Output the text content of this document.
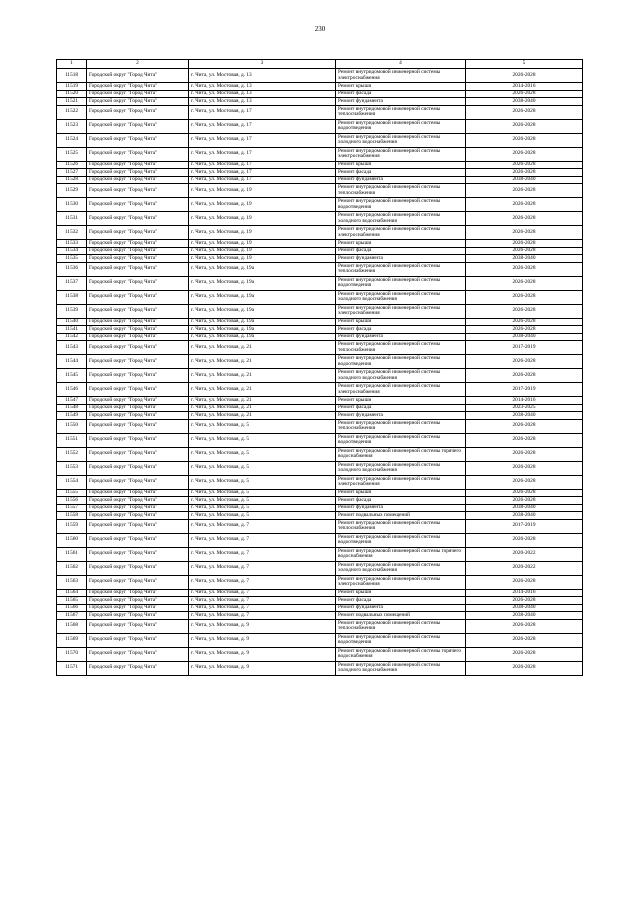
230
1	2	3	4	5
11518	Городской округ "Город Чита"	г. Чита, ул. Мостовая, д. 13	Ремонт внутридомовой инженерной системы электроснабжения	2026-2028
11519	Городской округ "Город Чита"	г. Чита, ул. Мостовая, д. 13	Ремонт крыши	2014-2016
11520	Городской округ "Город Чита"	г. Чита, ул. Мостовая, д. 13	Ремонт фасада	2026-2028
11521	Городской округ "Город Чита"	г. Чита, ул. Мостовая, д. 13	Ремонт фундамента	2038-2040
11522	Городской округ "Город Чита"	г. Чита, ул. Мостовая, д. 17	Ремонт внутридомовой инженерной системы теплоснабжения	2026-2028
11523	Городской округ "Город Чита"	г. Чита, ул. Мостовая, д. 17	Ремонт внутридомовой инженерной системы водоотведения	2026-2028
11524	Городской округ "Город Чита"	г. Чита, ул. Мостовая, д. 17	Ремонт внутридомовой инженерной системы холодного водоснабжения	2026-2028
11525	Городской округ "Город Чита"	г. Чита, ул. Мостовая, д. 17	Ремонт внутридомовой инженерной системы электроснабжения	2026-2028
11526	Городской округ "Город Чита"	г. Чита, ул. Мостовая, д. 17	Ремонт крыши	2026-2028
11527	Городской округ "Город Чита"	г. Чита, ул. Мостовая, д. 17	Ремонт фасада	2026-2028
11528	Городской округ "Город Чита"	г. Чита, ул. Мостовая, д. 17	Ремонт фундамента	2038-2040
11529	Городской округ "Город Чита"	г. Чита, ул. Мостовая, д. 19	Ремонт внутридомовой инженерной системы теплоснабжения	2026-2028
11530	Городской округ "Город Чита"	г. Чита, ул. Мостовая, д. 19	Ремонт внутридомовой инженерной системы водоотведения	2026-2028
11531	Городской округ "Город Чита"	г. Чита, ул. Мостовая, д. 19	Ремонт внутридомовой инженерной системы холодного водоснабжения	2026-2028
11532	Городской округ "Город Чита"	г. Чита, ул. Мостовая, д. 19	Ремонт внутридомовой инженерной системы электроснабжения	2026-2028
11533	Городской округ "Город Чита"	г. Чита, ул. Мостовая, д. 19	Ремонт крыши	2026-2028
11534	Городской округ "Город Чита"	г. Чита, ул. Мостовая, д. 19	Ремонт фасада	2026-2028
11535	Городской округ "Город Чита"	г. Чита, ул. Мостовая, д. 19	Ремонт фундамента	2038-2040
11536	Городской округ "Город Чита"	г. Чита, ул. Мостовая, д. 19а	Ремонт внутридомовой инженерной системы теплоснабжения	2026-2028
11537	Городской округ "Город Чита"	г. Чита, ул. Мостовая, д. 19а	Ремонт внутридомовой инженерной системы водоотведения	2026-2028
11538	Городской округ "Город Чита"	г. Чита, ул. Мостовая, д. 19а	Ремонт внутридомовой инженерной системы холодного водоснабжения	2026-2028
11539	Городской округ "Город Чита"	г. Чита, ул. Мостовая, д. 19а	Ремонт внутридомовой инженерной системы электроснабжения	2026-2028
11540	Городской округ "Город Чита"	г. Чита, ул. Мостовая, д. 19а	Ремонт крыши	2026-2028
11541	Городской округ "Город Чита"	г. Чита, ул. Мостовая, д. 19а	Ремонт фасада	2026-2028
11542	Городской округ "Город Чита"	г. Чита, ул. Мостовая, д. 19а	Ремонт фундамента	2038-2040
11543	Городской округ "Город Чита"	г. Чита, ул. Мостовая, д. 21	Ремонт внутридомовой инженерной системы теплоснабжения	2017-2019
11544	Городской округ "Город Чита"	г. Чита, ул. Мостовая, д. 21	Ремонт внутридомовой инженерной системы водоотведения	2026-2028
11545	Городской округ "Город Чита"	г. Чита, ул. Мостовая, д. 21	Ремонт внутридомовой инженерной системы холодного водоснабжения	2026-2028
11546	Городской округ "Город Чита"	г. Чита, ул. Мостовая, д. 21	Ремонт внутридомовой инженерной системы электроснабжения	2017-2019
11547	Городской округ "Город Чита"	г. Чита, ул. Мостовая, д. 21	Ремонт крыши	2014-2016
11548	Городской округ "Город Чита"	г. Чита, ул. Мостовая, д. 21	Ремонт фасада	2023-2025
11549	Городской округ "Город Чита"	г. Чита, ул. Мостовая, д. 21	Ремонт фундамента	2038-2040
11550	Городской округ "Город Чита"	г. Чита, ул. Мостовая, д. 5	Ремонт внутридомовой инженерной системы теплоснабжения	2026-2028
11551	Городской округ "Город Чита"	г. Чита, ул. Мостовая, д. 5	Ремонт внутридомовой инженерной системы водоотведения	2026-2028
11552	Городской округ "Город Чита"	г. Чита, ул. Мостовая, д. 5	Ремонт внутридомовой инженерной системы горячего водоснабжения	2026-2028
11553	Городской округ "Город Чита"	г. Чита, ул. Мостовая, д. 5	Ремонт внутридомовой инженерной системы холодного водоснабжения	2026-2028
11554	Городской округ "Город Чита"	г. Чита, ул. Мостовая, д. 5	Ремонт внутридомовой инженерной системы электроснабжения	2026-2028
11555	Городской округ "Город Чита"	г. Чита, ул. Мостовая, д. 5	Ремонт крыши	2026-2028
11556	Городской округ "Город Чита"	г. Чита, ул. Мостовая, д. 5	Ремонт фасада	2026-2028
11557	Городской округ "Город Чита"	г. Чита, ул. Мостовая, д. 5	Ремонт фундамента	2038-2040
11558	Городской округ "Город Чита"	г. Чита, ул. Мостовая, д. 5	Ремонт подвальных помещений	2038-2040
11559	Городской округ "Город Чита"	г. Чита, ул. Мостовая, д. 7	Ремонт внутридомовой инженерной системы теплоснабжения	2017-2019
11560	Городской округ "Город Чита"	г. Чита, ул. Мостовая, д. 7	Ремонт внутридомовой инженерной системы водоотведения	2026-2028
11561	Городской округ "Город Чита"	г. Чита, ул. Мостовая, д. 7	Ремонт внутридомовой инженерной системы горячего водоснабжения	2020-2022
11562	Городской округ "Город Чита"	г. Чита, ул. Мостовая, д. 7	Ремонт внутридомовой инженерной системы холодного водоснабжения	2020-2022
11563	Городской округ "Город Чита"	г. Чита, ул. Мостовая, д. 7	Ремонт внутридомовой инженерной системы электроснабжения	2026-2028
11564	Городской округ "Город Чита"	г. Чита, ул. Мостовая, д. 7	Ремонт крыши	2014-2016
11565	Городской округ "Город Чита"	г. Чита, ул. Мостовая, д. 7	Ремонт фасада	2026-2028
11566	Городской округ "Город Чита"	г. Чита, ул. Мостовая, д. 7	Ремонт фундамента	2038-2040
11567	Городской округ "Город Чита"	г. Чита, ул. Мостовая, д. 7	Ремонт подвальных помещений	2038-2040
11568	Городской округ "Город Чита"	г. Чита, ул. Мостовая, д. 9	Ремонт внутридомовой инженерной системы теплоснабжения	2026-2028
11569	Городской округ "Город Чита"	г. Чита, ул. Мостовая, д. 9	Ремонт внутридомовой инженерной системы водоотведения	2026-2028
11570	Городской округ "Город Чита"	г. Чита, ул. Мостовая, д. 9	Ремонт внутридомовой инженерной системы горячего водоснабжения	2026-2028
11571	Городской округ "Город Чита"	г. Чита, ул. Мостовая, д. 9	Ремонт внутридомовой инженерной системы холодного водоснабжения	2026-2028
